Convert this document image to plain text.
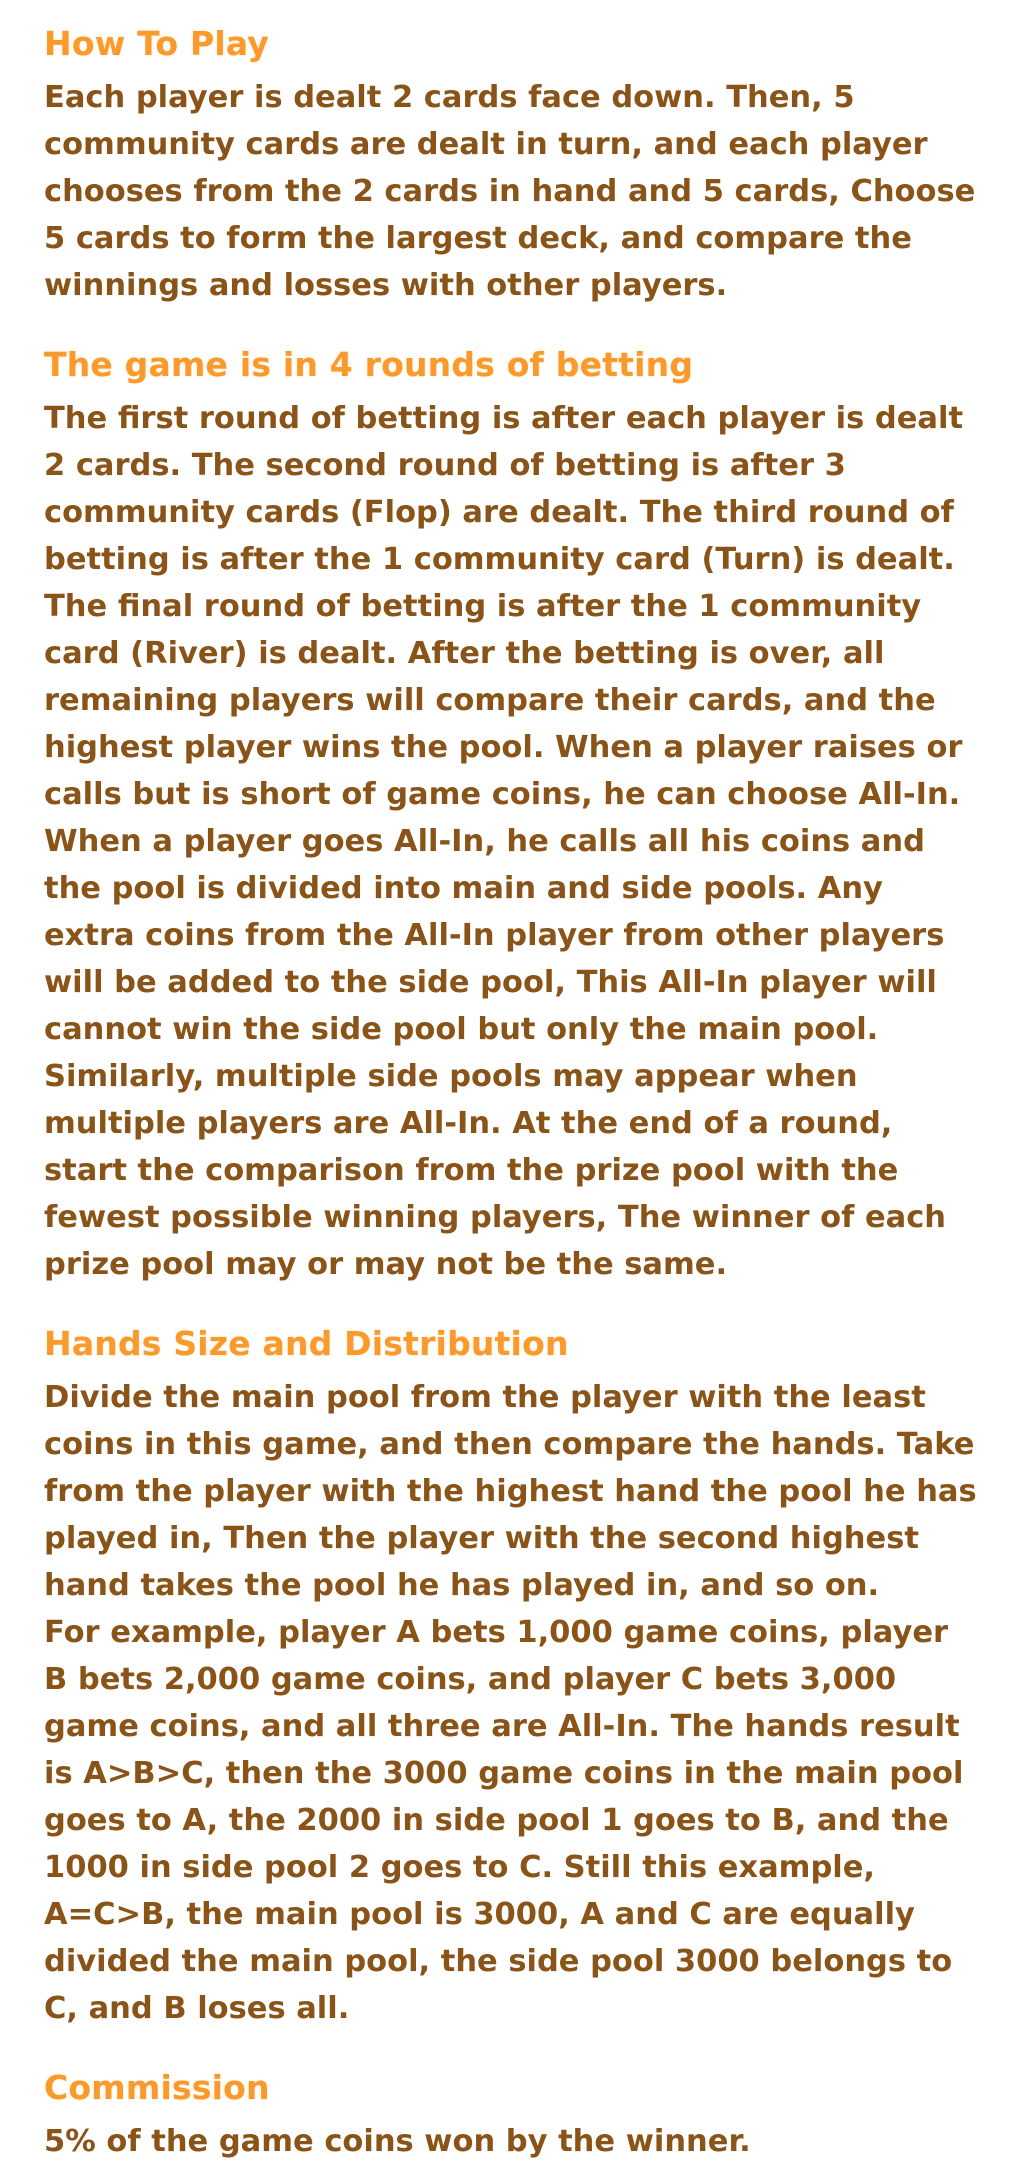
How To Play

Each player is dealt 2 cards face down. Then, 5 community cards are dealt in turn, and each player chooses from the 2 cards in hand and 5 cards, Choose 5 cards to form the largest deck, and compare the winnings and losses with other players.

The game is in 4 rounds of betting

The first round of betting is after each player is dealt 2 cards. The second round of betting is after 3 community cards (Flop) are dealt. The third round of betting is after the 1 community card (Turn) is dealt. The final round of betting is after the 1 community card (River) is dealt. After the betting is over, all remaining players will compare their cards, and the highest player wins the pool. When a player raises or calls but is short of game coins, he can choose All-In. When a player goes All-In, he calls all his coins and the pool is divided into main and side pools. Any extra coins from the All-In player from other players will be added to the side pool, This All-In player will cannot win the side pool but only the main pool. Similarly, multiple side pools may appear when multiple players are All-In. At the end of a round, start the comparison from the prize pool with the fewest possible winning players, The winner of each prize pool may or may not be the same.

Hands Size and Distribution

Divide the main pool from the player with the least coins in this game, and then compare the hands. Take from the player with the highest hand the pool he has played in, Then the player with the second highest hand takes the pool he has played in, and so on.

For example, player A bets 1,000 game coins, player B bets 2,000 game coins, and player C bets 3,000 game coins, and all three are All-In. The hands result is A>B>C, then the 3000 game coins in the main pool goes to A, the 2000 in side pool 1 goes to B, and the 1000 in side pool 2 goes to C. Still this example, A=C>B, the main pool is 3000, A and C are equally divided the main pool, the side pool 3000 belongs to C, and B loses all.

Commission

5% of the game coins won by the winner.
